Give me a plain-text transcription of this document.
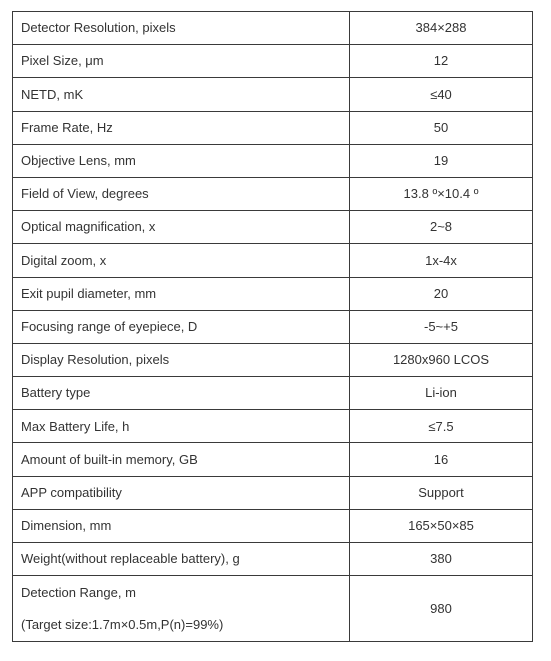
Detector Resolution, pixels	384×288
Pixel Size, μm	12
NETD, mK	≤40
Frame Rate, Hz	50
Objective Lens, mm	19
Field of View, degrees	13.8 º×10.4 º
Optical magnification, x	2~8
Digital zoom, x	1x-4x
Exit pupil diameter, mm	20
Focusing range of eyepiece, D	-5~+5
Display Resolution, pixels	1280x960 LCOS
Battery type	Li-ion
Max Battery Life, h	≤7.5
Amount of built-in memory, GB	16
APP compatibility	Support
Dimension, mm	165×50×85
Weight(without replaceable battery), g	380
Detection Range, m
(Target size:1.7m×0.5m,P(n)=99%)	980
